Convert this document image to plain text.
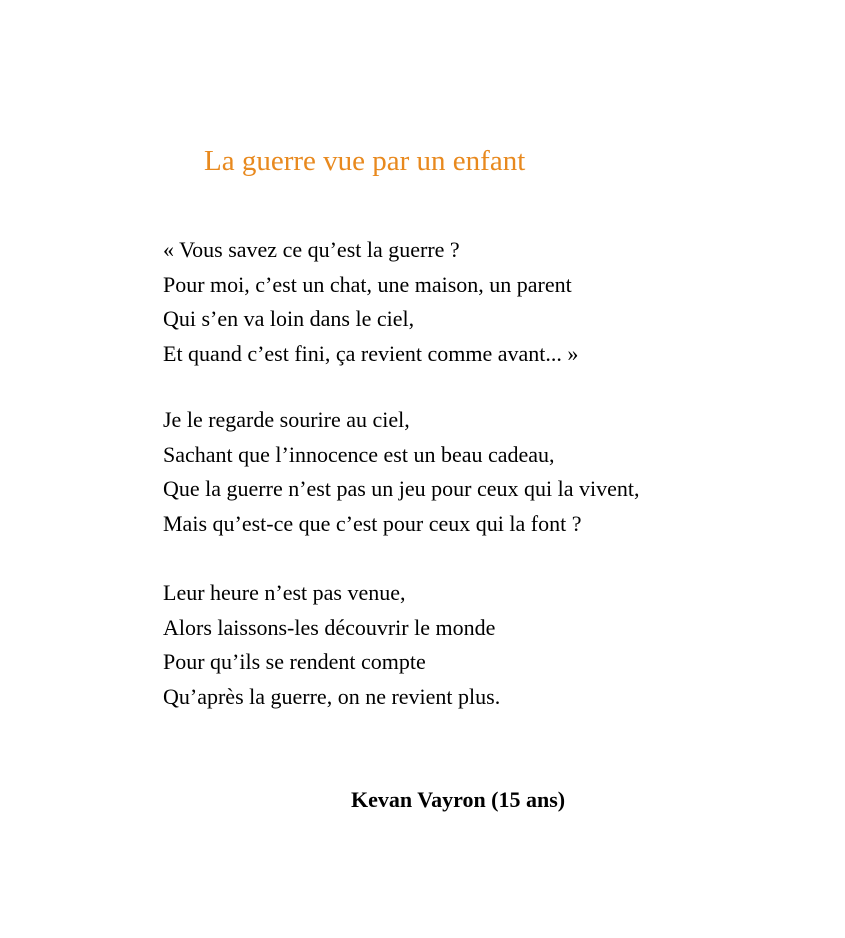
La guerre vue par un enfant
« Vous savez ce qu’est la guerre ?
Pour moi, c’est un chat, une maison, un parent
Qui s’en va loin dans le ciel,
Et quand c’est fini, ça revient comme avant... »
Je le regarde sourire au ciel,
Sachant que l’innocence est un beau cadeau,
Que la guerre n’est pas un jeu pour ceux qui la vivent,
Mais qu’est-ce que c’est pour ceux qui la font ?
Leur heure n’est pas venue,
Alors laissons-les découvrir le monde
Pour qu’ils se rendent compte
Qu’après la guerre, on ne revient plus.

Kevan Vayron (15 ans)
